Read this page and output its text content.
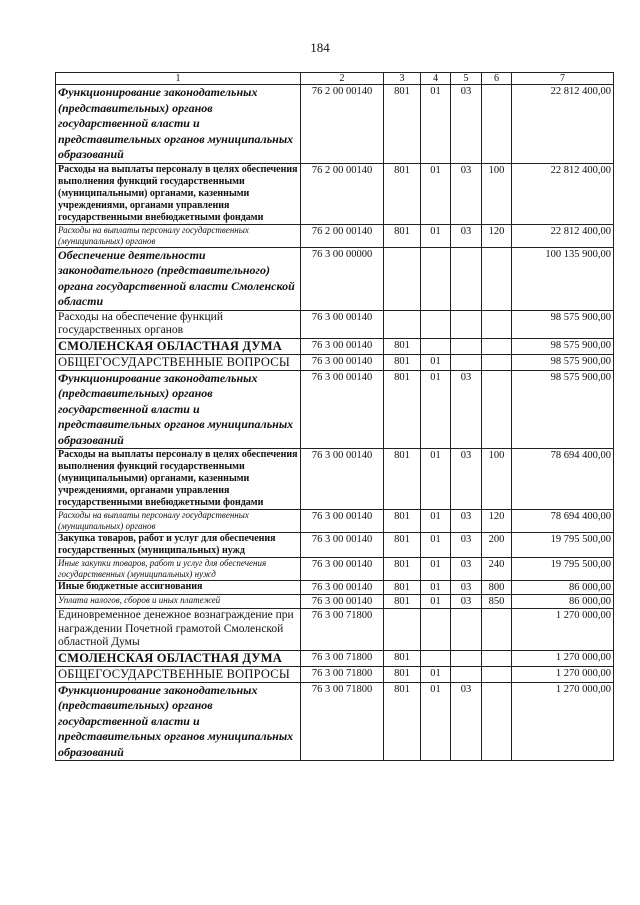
184
1	2	3	4	5	6	7
Функционирование законодательных (представительных) органов государственной власти и представительных органов муниципальных образований	76 2 00 00140	801	01	03		22 812 400,00
Расходы на выплаты персоналу в целях обеспечения выполнения функций государственными (муниципальными) органами, казенными учреждениями, органами управления государственными внебюджетными фондами	76 2 00 00140	801	01	03	100	22 812 400,00
Расходы на выплаты персоналу государственных (муниципальных) органов	76 2 00 00140	801	01	03	120	22 812 400,00
Обеспечение деятельности законодательного (представительного) органа государственной власти Смоленской области	76 3 00 00000					100 135 900,00
Расходы на обеспечение функций государственных органов	76 3 00 00140					98 575 900,00
СМОЛЕНСКАЯ ОБЛАСТНАЯ ДУМА	76 3 00 00140	801				98 575 900,00
ОБЩЕГОСУДАРСТВЕННЫЕ ВОПРОСЫ	76 3 00 00140	801	01			98 575 900,00
Функционирование законодательных (представительных) органов государственной власти и представительных органов муниципальных образований	76 3 00 00140	801	01	03		98 575 900,00
Расходы на выплаты персоналу в целях обеспечения выполнения функций государственными (муниципальными) органами, казенными учреждениями, органами управления государственными внебюджетными фондами	76 3 00 00140	801	01	03	100	78 694 400,00
Расходы на выплаты персоналу государственных (муниципальных) органов	76 3 00 00140	801	01	03	120	78 694 400,00
Закупка товаров, работ и услуг для обеспечения государственных (муниципальных) нужд	76 3 00 00140	801	01	03	200	19 795 500,00
Иные закупки товаров, работ и услуг для обеспечения государственных (муниципальных) нужд	76 3 00 00140	801	01	03	240	19 795 500,00
Иные бюджетные ассигнования	76 3 00 00140	801	01	03	800	86 000,00
Уплата налогов, сборов и иных платежей	76 3 00 00140	801	01	03	850	86 000,00
Единовременное денежное вознаграждение при награждении Почетной грамотой Смоленской областной Думы	76 3 00 71800					1 270 000,00
СМОЛЕНСКАЯ ОБЛАСТНАЯ ДУМА	76 3 00 71800	801				1 270 000,00
ОБЩЕГОСУДАРСТВЕННЫЕ ВОПРОСЫ	76 3 00 71800	801	01			1 270 000,00
Функционирование законодательных (представительных) органов государственной власти и представительных органов муниципальных образований	76 3 00 71800	801	01	03		1 270 000,00
